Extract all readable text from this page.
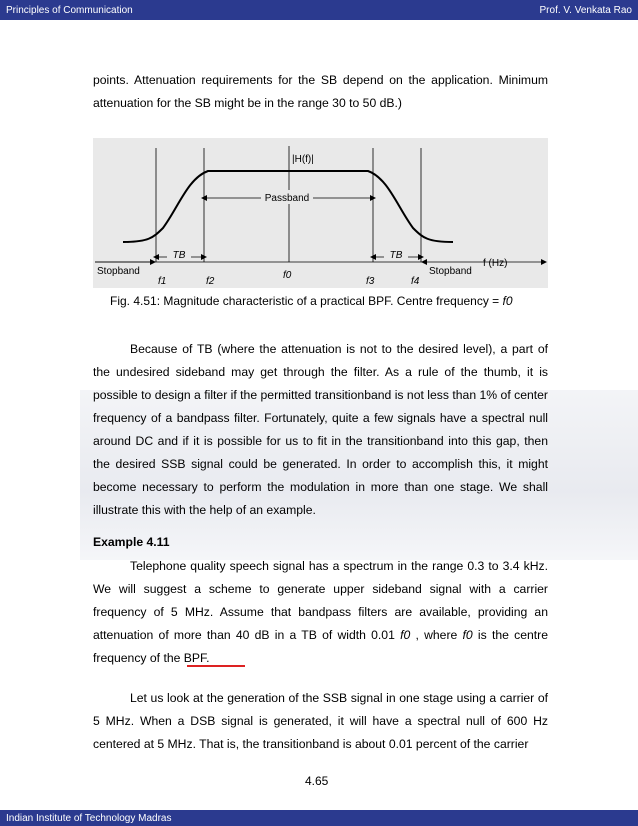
Principles of Communication	Prof. V. Venkata Rao

points. Attenuation requirements for the SB depend on the application. Minimum attenuation for the SB might be in the range 30 to 50 dB.)

Passband
|H(f)|
TB	TB
Stopband	Stopband
f (Hz)
f1	f2
f0
f3	f4

Fig. 4.51: Magnitude characteristic of a practical BPF. Centre frequency = f0

Because of TB (where the attenuation is not to the desired level), a part of the undesired sideband may get through the filter. As a rule of the thumb, it is possible to design a filter if the permitted transitionband is not less than 1% of center frequency of a bandpass filter. Fortunately, quite a few signals have a spectral null around DC and if it is possible for us to fit in the transitionband into this gap, then the desired SSB signal could be generated. In order to accomplish this, it might become necessary to perform the modulation in more than one stage. We shall illustrate this with the help of an example.

Example 4.11

Telephone quality speech signal has a spectrum in the range 0.3 to 3.4 kHz. We will suggest a scheme to generate upper sideband signal with a carrier frequency of 5 MHz. Assume that bandpass filters are available, providing an attenuation of more than 40 dB in a TB of width 0.01 f0 , where f0 is the centre frequency of the BPF.

Let us look at the generation of the SSB signal in one stage using a carrier of 5 MHz. When a DSB signal is generated, it will have a spectral null of 600 Hz centered at 5 MHz. That is, the transitionband is about 0.01 percent of the carrier

4.65
Indian Institute of Technology Madras
